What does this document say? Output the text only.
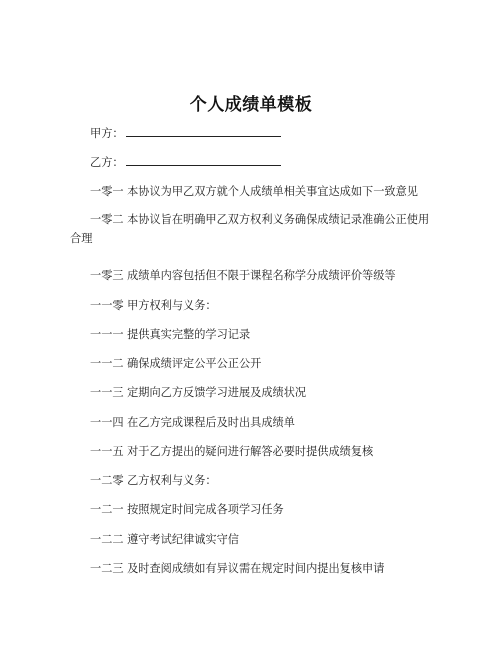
个人成绩单模板
甲方：
乙方：
一零一 本协议为甲乙双方就个人成绩单相关事宜达成如下一致意见
一零二 本协议旨在明确甲乙双方权利义务确保成绩记录准确公正使用合理
一零三 成绩单内容包括但不限于课程名称学分成绩评价等级等
一一零 甲方权利与义务：
一一一 提供真实完整的学习记录
一一二 确保成绩评定公平公正公开
一一三 定期向乙方反馈学习进展及成绩状况
一一四 在乙方完成课程后及时出具成绩单
一一五 对于乙方提出的疑问进行解答必要时提供成绩复核
一二零 乙方权利与义务：
一二一 按照规定时间完成各项学习任务
一二二 遵守考试纪律诚实守信
一二三 及时查阅成绩如有异议需在规定时间内提出复核申请
